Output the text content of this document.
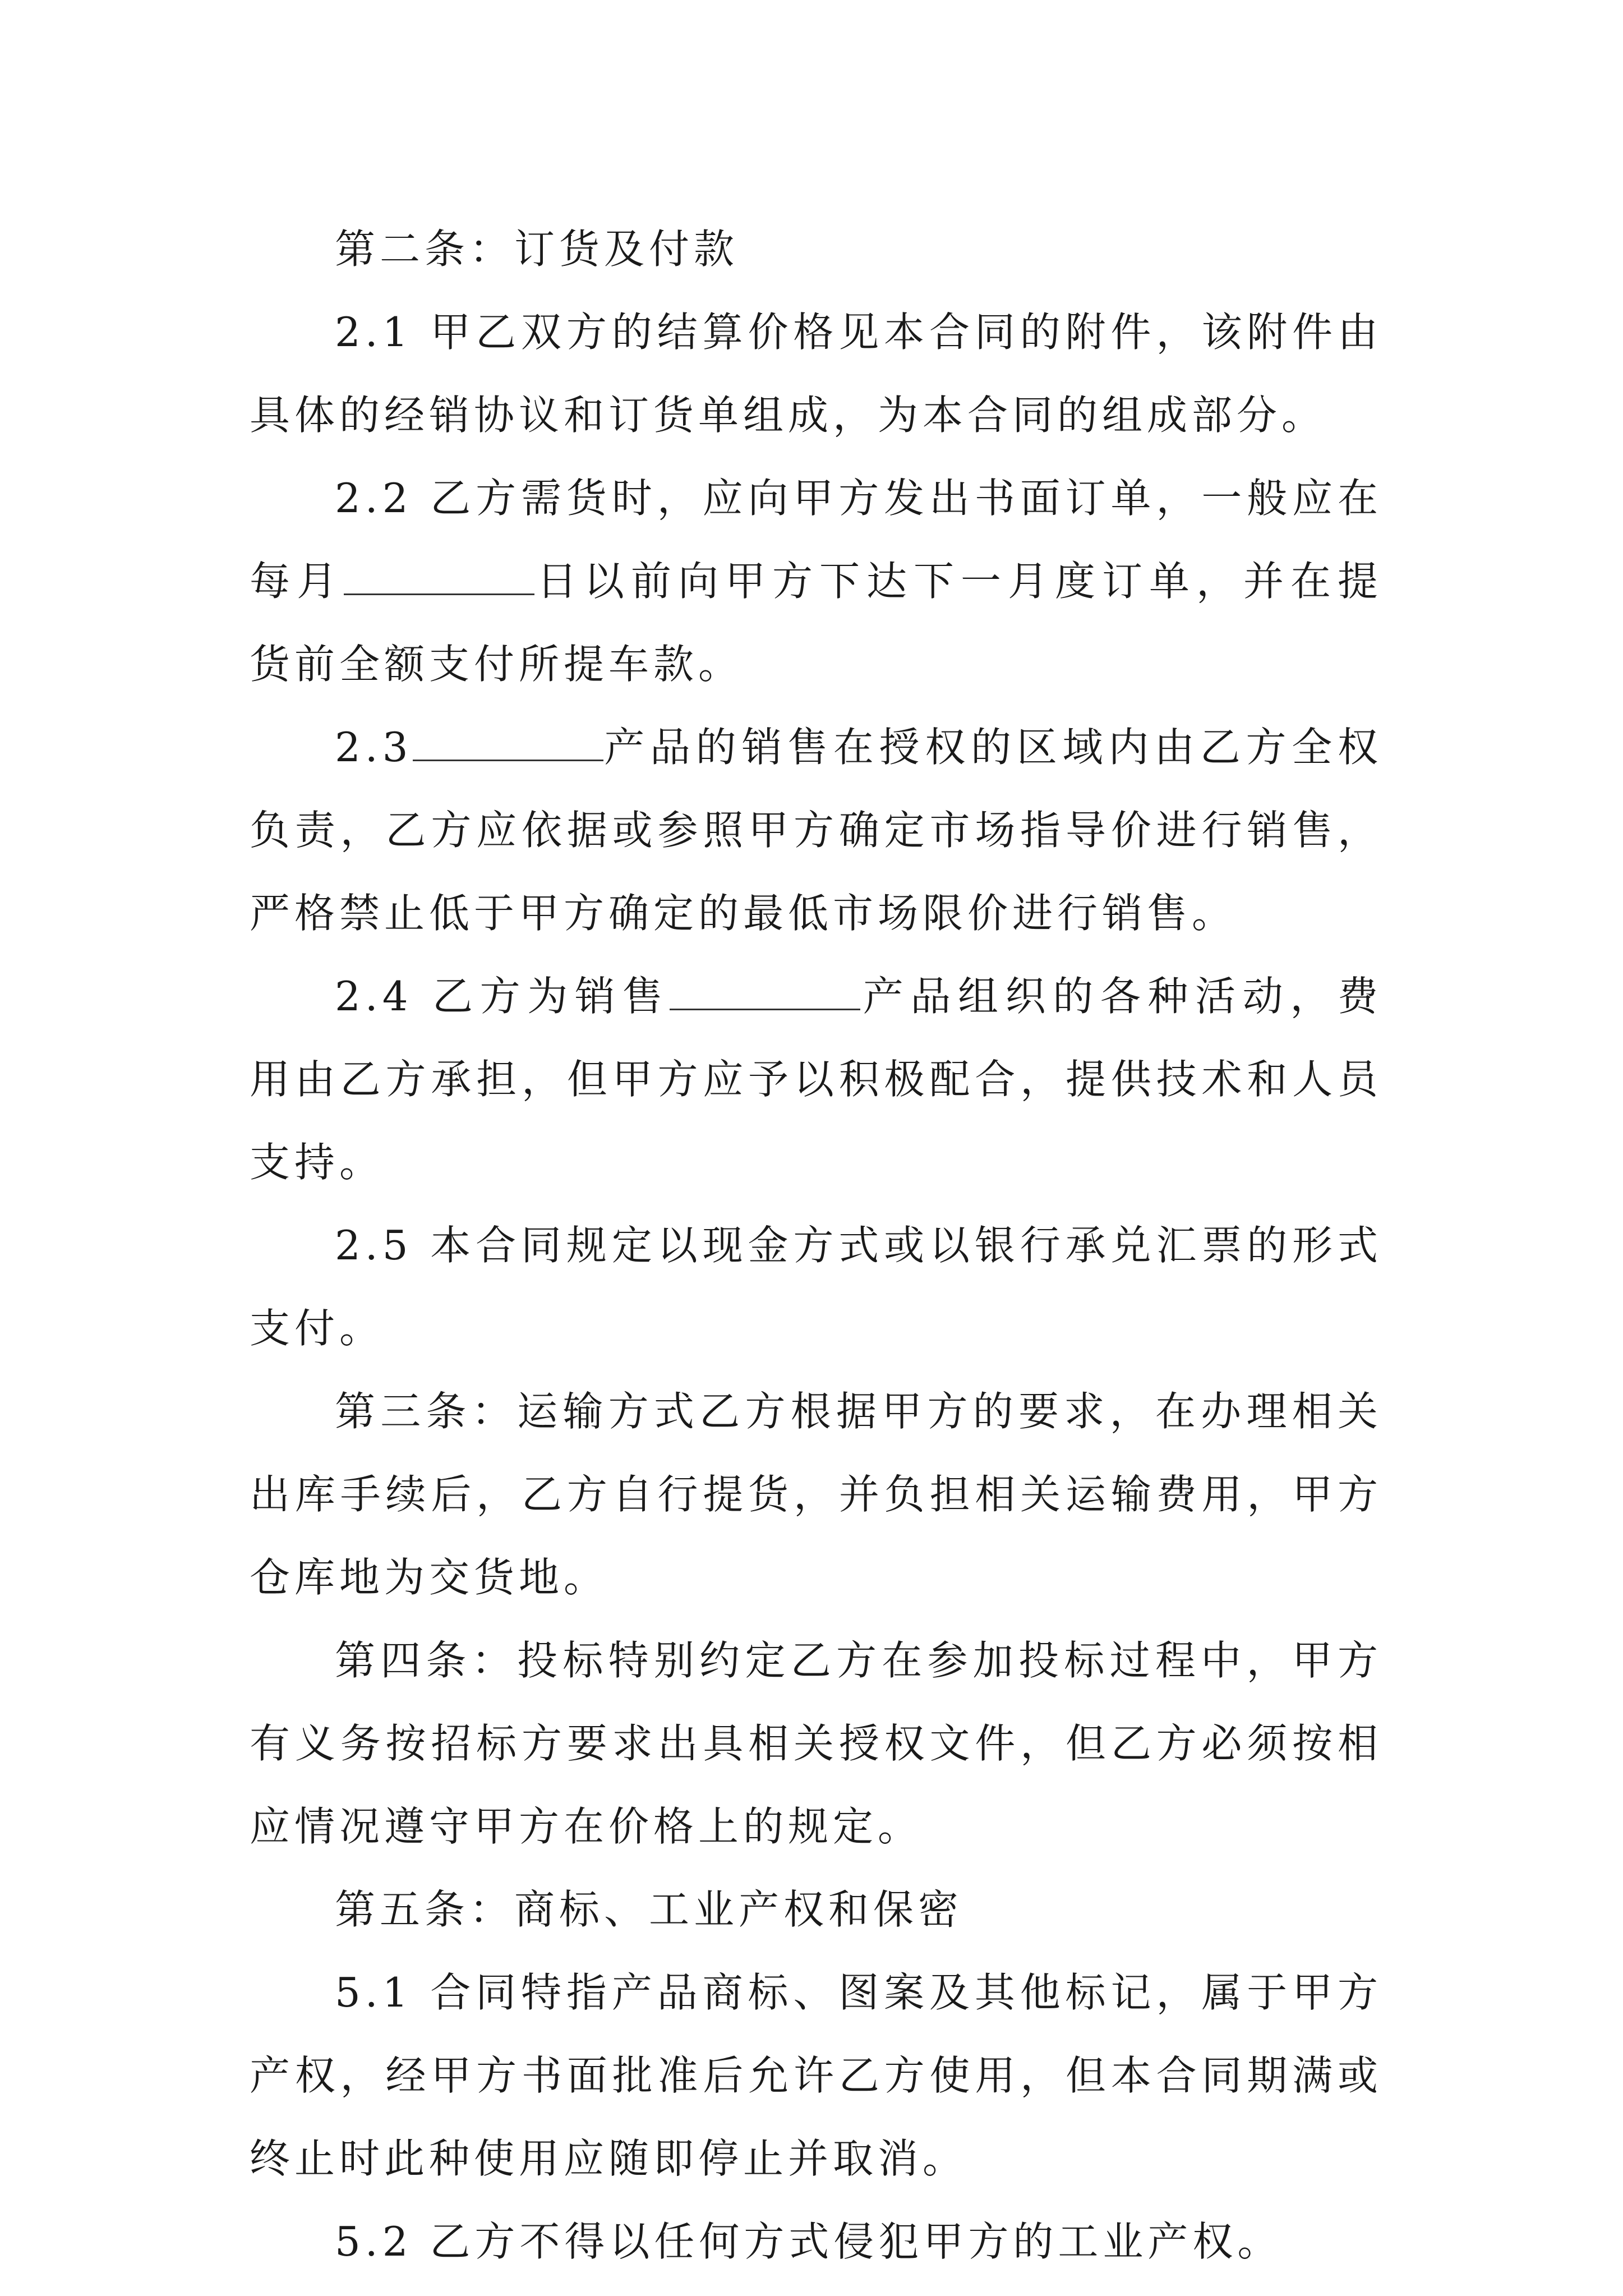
第二条：订货及付款

2.1 甲乙双方的结算价格见本合同的附件，该附件由具体的经销协议和订货单组成，为本合同的组成部分。

2.2 乙方需货时，应向甲方发出书面订单，一般应在每月	日以前向甲方下达下一月度订单，并在提货前全额支付所提车款。

2.3	产品的销售在授权的区域内由乙方全权负责，乙方应依据或参照甲方确定市场指导价进行销售，严格禁止低于甲方确定的最低市场限价进行销售。

2.4 乙方为销售	产品组织的各种活动，费用由乙方承担，但甲方应予以积极配合，提供技术和人员支持。

2.5 本合同规定以现金方式或以银行承兑汇票的形式支付。

第三条：运输方式乙方根据甲方的要求，在办理相关出库手续后，乙方自行提货，并负担相关运输费用，甲方仓库地为交货地。

第四条：投标特别约定乙方在参加投标过程中，甲方有义务按招标方要求出具相关授权文件，但乙方必须按相应情况遵守甲方在价格上的规定。

第五条：商标、工业产权和保密

5.1 合同特指产品商标、图案及其他标记，属于甲方产权，经甲方书面批准后允许乙方使用，但本合同期满或终止时此种使用应随即停止并取消。

5.2 乙方不得以任何方式侵犯甲方的工业产权。
